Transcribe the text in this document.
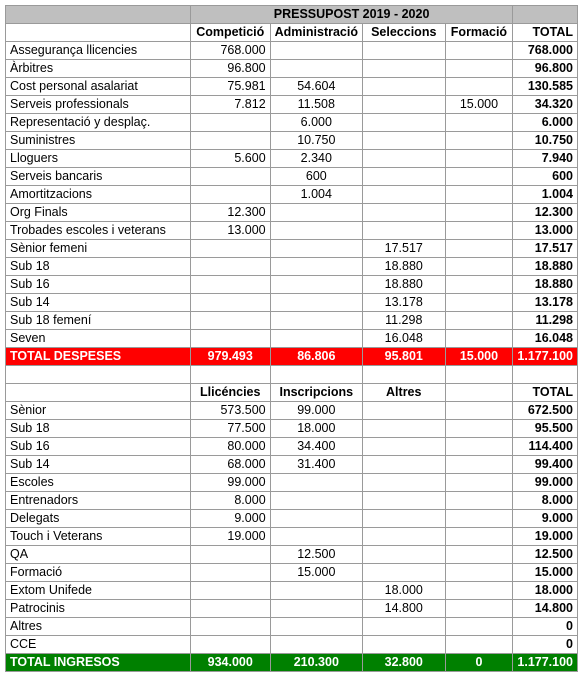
	PRESSUPOST 2019 - 2020				
	Competició	Administració	Seleccions	Formació	TOTAL
Assegurança llicencies	768.000				768.000
Àrbitres	96.800				96.800
Cost personal asalariat	75.981	54.604			130.585
Serveis professionals	7.812	11.508		15.000	34.320
Representació y desplaç.		6.000			6.000
Suministres		10.750			10.750
Lloguers	5.600	2.340			7.940
Serveis bancaris		600			600
Amortitzacions		1.004			1.004
Org Finals	12.300				12.300
Trobades escoles i veterans	13.000				13.000
Sènior femeni			17.517		17.517
Sub 18			18.880		18.880
Sub 16			18.880		18.880
Sub 14			13.178		13.178
Sub 18 femení			11.298		11.298
Seven			16.048		16.048
TOTAL DESPESES	979.493	86.806	95.801	15.000	1.177.100

	Llicéncies	Inscripcions	Altres		TOTAL
Sènior	573.500	99.000			672.500
Sub 18	77.500	18.000			95.500
Sub 16	80.000	34.400			114.400
Sub 14	68.000	31.400			99.400
Escoles	99.000				99.000
Entrenadors	8.000				8.000
Delegats	9.000				9.000
Touch i Veterans	19.000				19.000
QA		12.500			12.500
Formació		15.000			15.000
Extom Unifede			18.000		18.000
Patrocinis			14.800		14.800
Altres					0
CCE					0
TOTAL INGRESOS	934.000	210.300	32.800	0	1.177.100
